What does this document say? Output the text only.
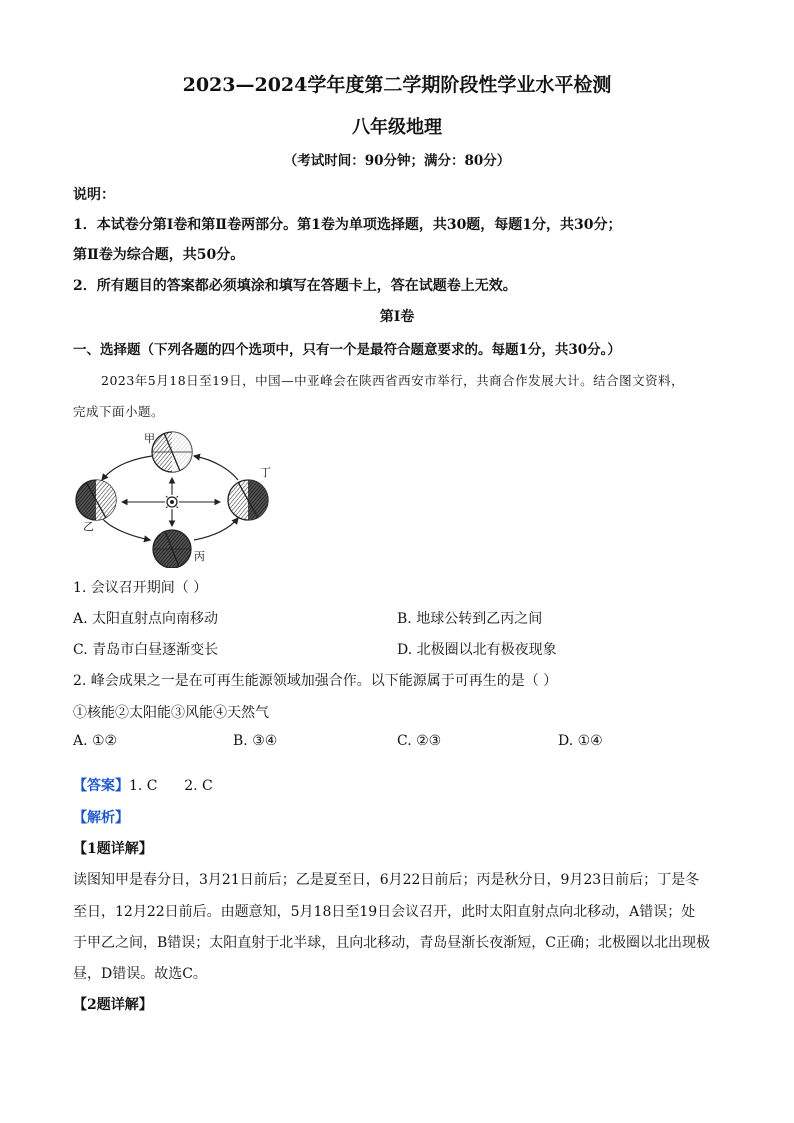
2023—2024学年度第二学期阶段性学业水平检测
八年级地理
（考试时间：90分钟；满分：80分）
说明：
1．本试卷分第Ⅰ卷和第Ⅱ卷两部分。第1卷为单项选择题，共30题，每题1分，共30分；
第Ⅱ卷为综合题，共50分。
2．所有题目的答案都必须填涂和填写在答题卡上，答在试题卷上无效。
第Ⅰ卷
一、选择题（下列各题的四个选项中，只有一个是最符合题意要求的。每题1分，共30分。）
2023年5月18日至19日，中国—中亚峰会在陕西省西安市举行，共商合作发展大计。结合图文资料，
完成下面小题。
甲
乙
丙
丁
1. 会议召开期间（ ）
A. 太阳直射点向南移动	B. 地球公转到乙丙之间
C. 青岛市白昼逐渐变长	D. 北极圈以北有极夜现象
2. 峰会成果之一是在可再生能源领域加强合作。以下能源属于可再生的是（ ）
①核能②太阳能③风能④天然气
A. ①②	B. ③④	C. ②③	D. ①④
【答案】1. C      2. C
【解析】
【1题详解】
读图知甲是春分日，3月21日前后；乙是夏至日，6月22日前后；丙是秋分日，9月23日前后；丁是冬
至日，12月22日前后。由题意知，5月18日至19日会议召开，此时太阳直射点向北移动，A错误；处
于甲乙之间，B错误；太阳直射于北半球，且向北移动，青岛昼渐长夜渐短，C正确；北极圈以北出现极
昼，D错误。故选C。
【2题详解】
